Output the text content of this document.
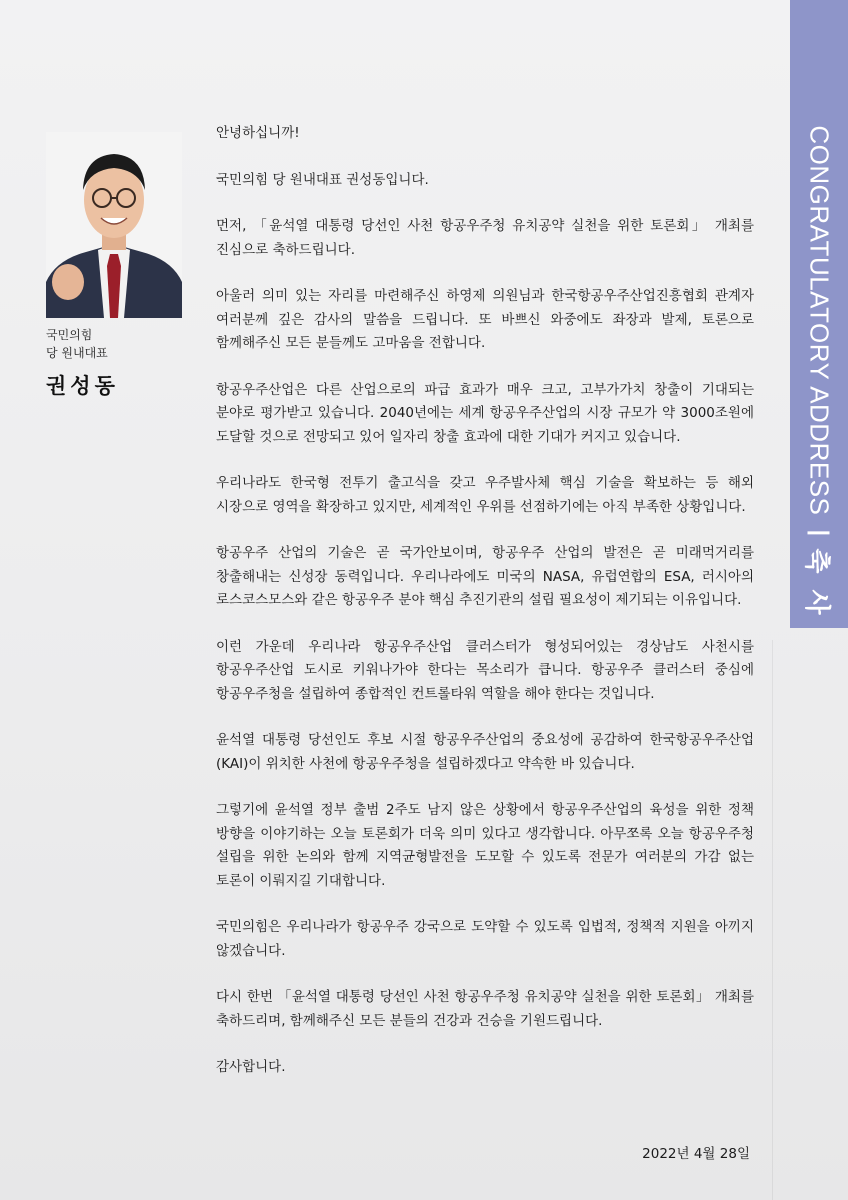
CONGRATULATORY ADDRESS
축사
국민의힘
당 원내대표
권성동

안녕하십니까!

국민의힘 당 원내대표 권성동입니다.

먼저, 「윤석열 대통령 당선인 사천 항공우주청 유치공약 실천을 위한 토론회」 개최를 진심으로 축하드립니다.

아울러 의미 있는 자리를 마련해주신 하영제 의원님과 한국항공우주산업진흥협회 관계자 여러분께 깊은 감사의 말씀을 드립니다. 또 바쁘신 와중에도 좌장과 발제, 토론으로 함께해주신 모든 분들께도 고마움을 전합니다.

항공우주산업은 다른 산업으로의 파급 효과가 매우 크고, 고부가가치 창출이 기대되는 분야로 평가받고 있습니다. 2040년에는 세계 항공우주산업의 시장 규모가 약 3000조원에 도달할 것으로 전망되고 있어 일자리 창출 효과에 대한 기대가 커지고 있습니다.

우리나라도 한국형 전투기 출고식을 갖고 우주발사체 핵심 기술을 확보하는 등 해외 시장으로 영역을 확장하고 있지만, 세계적인 우위를 선점하기에는 아직 부족한 상황입니다.

항공우주 산업의 기술은 곧 국가안보이며, 항공우주 산업의 발전은 곧 미래먹거리를 창출해내는 신성장 동력입니다. 우리나라에도 미국의 NASA, 유럽연합의 ESA, 러시아의 로스코스모스와 같은 항공우주 분야 핵심 추진기관의 설립 필요성이 제기되는 이유입니다.

이런 가운데 우리나라 항공우주산업 클러스터가 형성되어있는 경상남도 사천시를 항공우주산업 도시로 키워나가야 한다는 목소리가 큽니다. 항공우주 클러스터 중심에 항공우주청을 설립하여 종합적인 컨트롤타워 역할을 해야 한다는 것입니다.

윤석열 대통령 당선인도 후보 시절 항공우주산업의 중요성에 공감하여 한국항공우주산업(KAI)이 위치한 사천에 항공우주청을 설립하겠다고 약속한 바 있습니다.

그렇기에 윤석열 정부 출범 2주도 남지 않은 상황에서 항공우주산업의 육성을 위한 정책 방향을 이야기하는 오늘 토론회가 더욱 의미 있다고 생각합니다. 아무쪼록 오늘 항공우주청 설립을 위한 논의와 함께 지역균형발전을 도모할 수 있도록 전문가 여러분의 가감 없는 토론이 이뤄지길 기대합니다.

국민의힘은 우리나라가 항공우주 강국으로 도약할 수 있도록 입법적, 정책적 지원을 아끼지 않겠습니다.

다시 한번 「윤석열 대통령 당선인 사천 항공우주청 유치공약 실천을 위한 토론회」 개최를 축하드리며, 함께해주신 모든 분들의 건강과 건승을 기원드립니다.

감사합니다.

2022년 4월 28일
